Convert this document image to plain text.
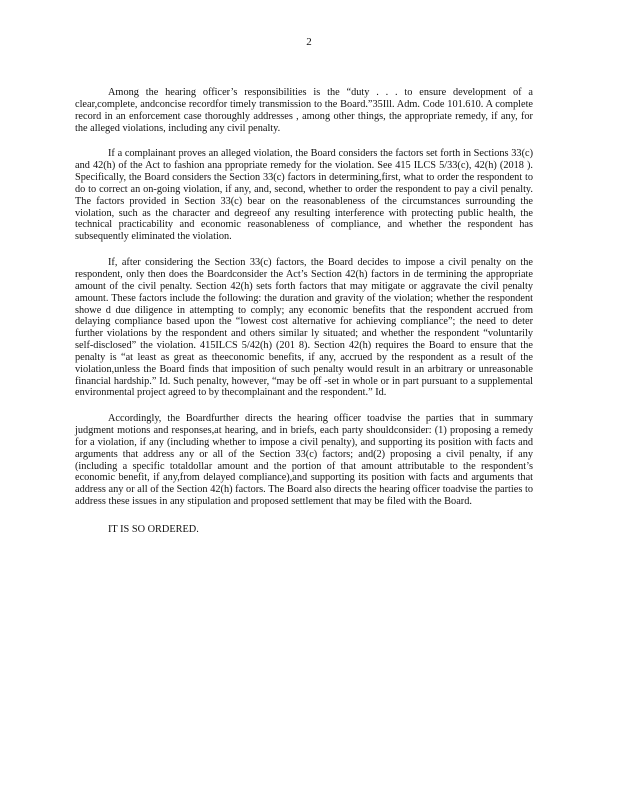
2

Among the hearing officer’s responsibilities is the “duty . . . to ensure development of a clear,complete, andconcise recordfor timely transmission to the Board.”35Ill. Adm. Code 101.610. A complete record in an enforcement case thoroughly addresses , among other things, the appropriate remedy, if any, for the alleged violations, including any civil penalty.

If a complainant proves an alleged violation, the Board considers the factors set forth in Sections 33(c) and 42(h) of the Act to fashion ana ppropriate remedy for the violation. See 415 ILCS 5/33(c), 42(h) (2018 ). Specifically, the Board considers the Section 33(c) factors in determining,first, what to order the respondent to do to correct an on-going violation, if any, and, second, whether to order the respondent to pay a civil penalty. The factors provided in Section 33(c) bear on the reasonableness of the circumstances surrounding the violation, such as the character and degreeof any resulting interference with protecting public health, the technical practicability and economic reasonableness of compliance, and whether the respondent has subsequently eliminated the violation.

If, after considering the Section 33(c) factors, the Board decides to impose a civil penalty on the respondent, only then does the Boardconsider the Act’s Section 42(h) factors in de termining the appropriate amount of the civil penalty. Section 42(h) sets forth factors that may mitigate or aggravate the civil penalty amount. These factors include the following: the duration and gravity of the violation; whether the respondent showe d due diligence in attempting to comply; any economic benefits that the respondent accrued from delaying compliance based upon the “lowest cost alternative for achieving compliance”; the need to deter further violations by the respondent and others similar ly situated; and whether the respondent “voluntarily self-disclosed” the violation. 415ILCS 5/42(h) (201 8). Section 42(h) requires the Board to ensure that the penalty is “at least as great as theeconomic benefits, if any, accrued by the respondent as a result of the violation,unless the Board finds that imposition of such penalty would result in an arbitrary or unreasonable financial hardship.” Id. Such penalty, however, “may be off -set in whole or in part pursuant to a supplemental environmental project agreed to by thecomplainant and the respondent.” Id.

Accordingly, the Boardfurther directs the hearing officer toadvise the parties that in summary judgment motions and responses,at hearing, and in briefs, each party shouldconsider: (1) proposing a remedy for a violation, if any (including whether to impose a civil penalty), and supporting its position with facts and arguments that address any or all of the Section 33(c) factors; and(2) proposing a civil penalty, if any (including a specific totaldollar amount and the portion of that amount attributable to the respondent’s economic benefit, if any,from delayed compliance),and supporting its position with facts and arguments that address any or all of the Section 42(h) factors. The Board also directs the hearing officer toadvise the parties to address these issues in any stipulation and proposed settlement that may be filed with the Board.

IT IS SO ORDERED.
